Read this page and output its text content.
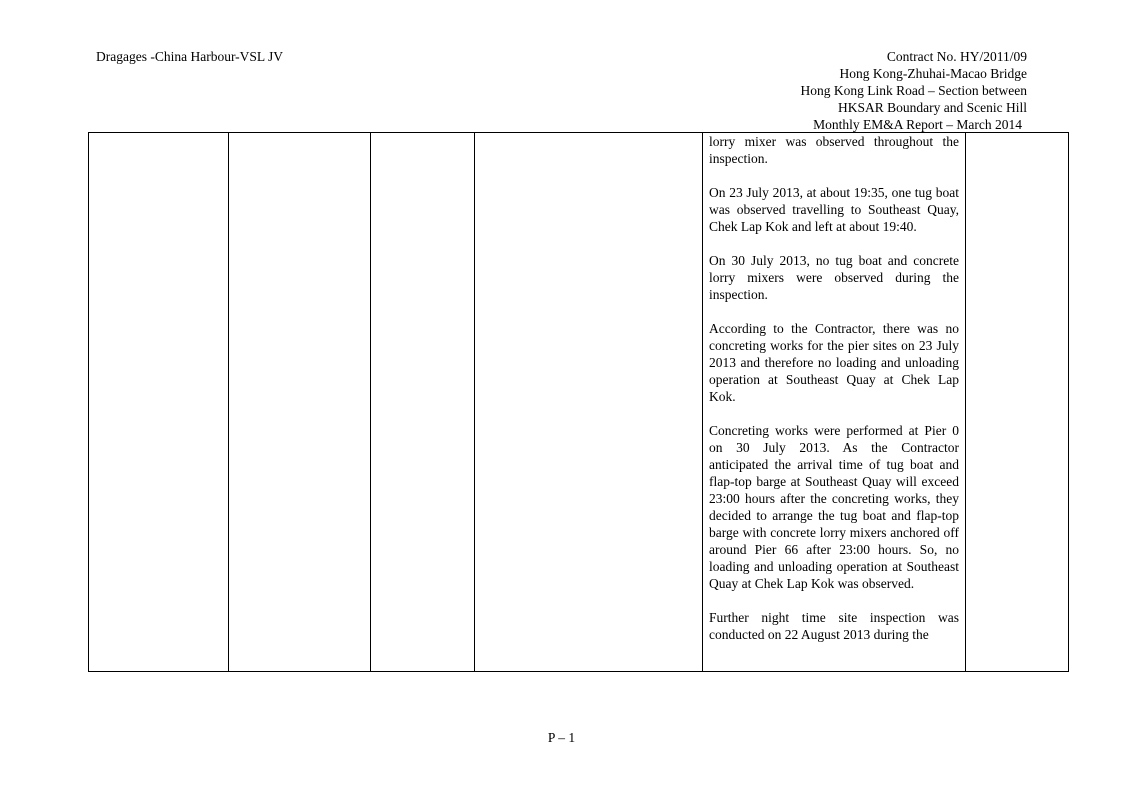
Dragages -China Harbour-VSL JV	Contract No. HY/2011/09
Hong Kong-Zhuhai-Macao Bridge
Hong Kong Link Road – Section between
HKSAR Boundary and Scenic Hill
Monthly EM&A Report – March 2014

lorry mixer was observed throughout the inspection.

On 23 July 2013, at about 19:35, one tug boat was observed travelling to Southeast Quay, Chek Lap Kok and left at about 19:40.

On 30 July 2013, no tug boat and concrete lorry mixers were observed during the inspection.

According to the Contractor, there was no concreting works for the pier sites on 23 July 2013 and therefore no loading and unloading operation at Southeast Quay at Chek Lap Kok.

Concreting works were performed at Pier 0 on 30 July 2013. As the Contractor anticipated the arrival time of tug boat and flap-top barge at Southeast Quay will exceed 23:00 hours after the concreting works, they decided to arrange the tug boat and flap-top barge with concrete lorry mixers anchored off around Pier 66 after 23:00 hours. So, no loading and unloading operation at Southeast Quay at Chek Lap Kok was observed.

Further night time site inspection was conducted on 22 August 2013 during the

P – 1
